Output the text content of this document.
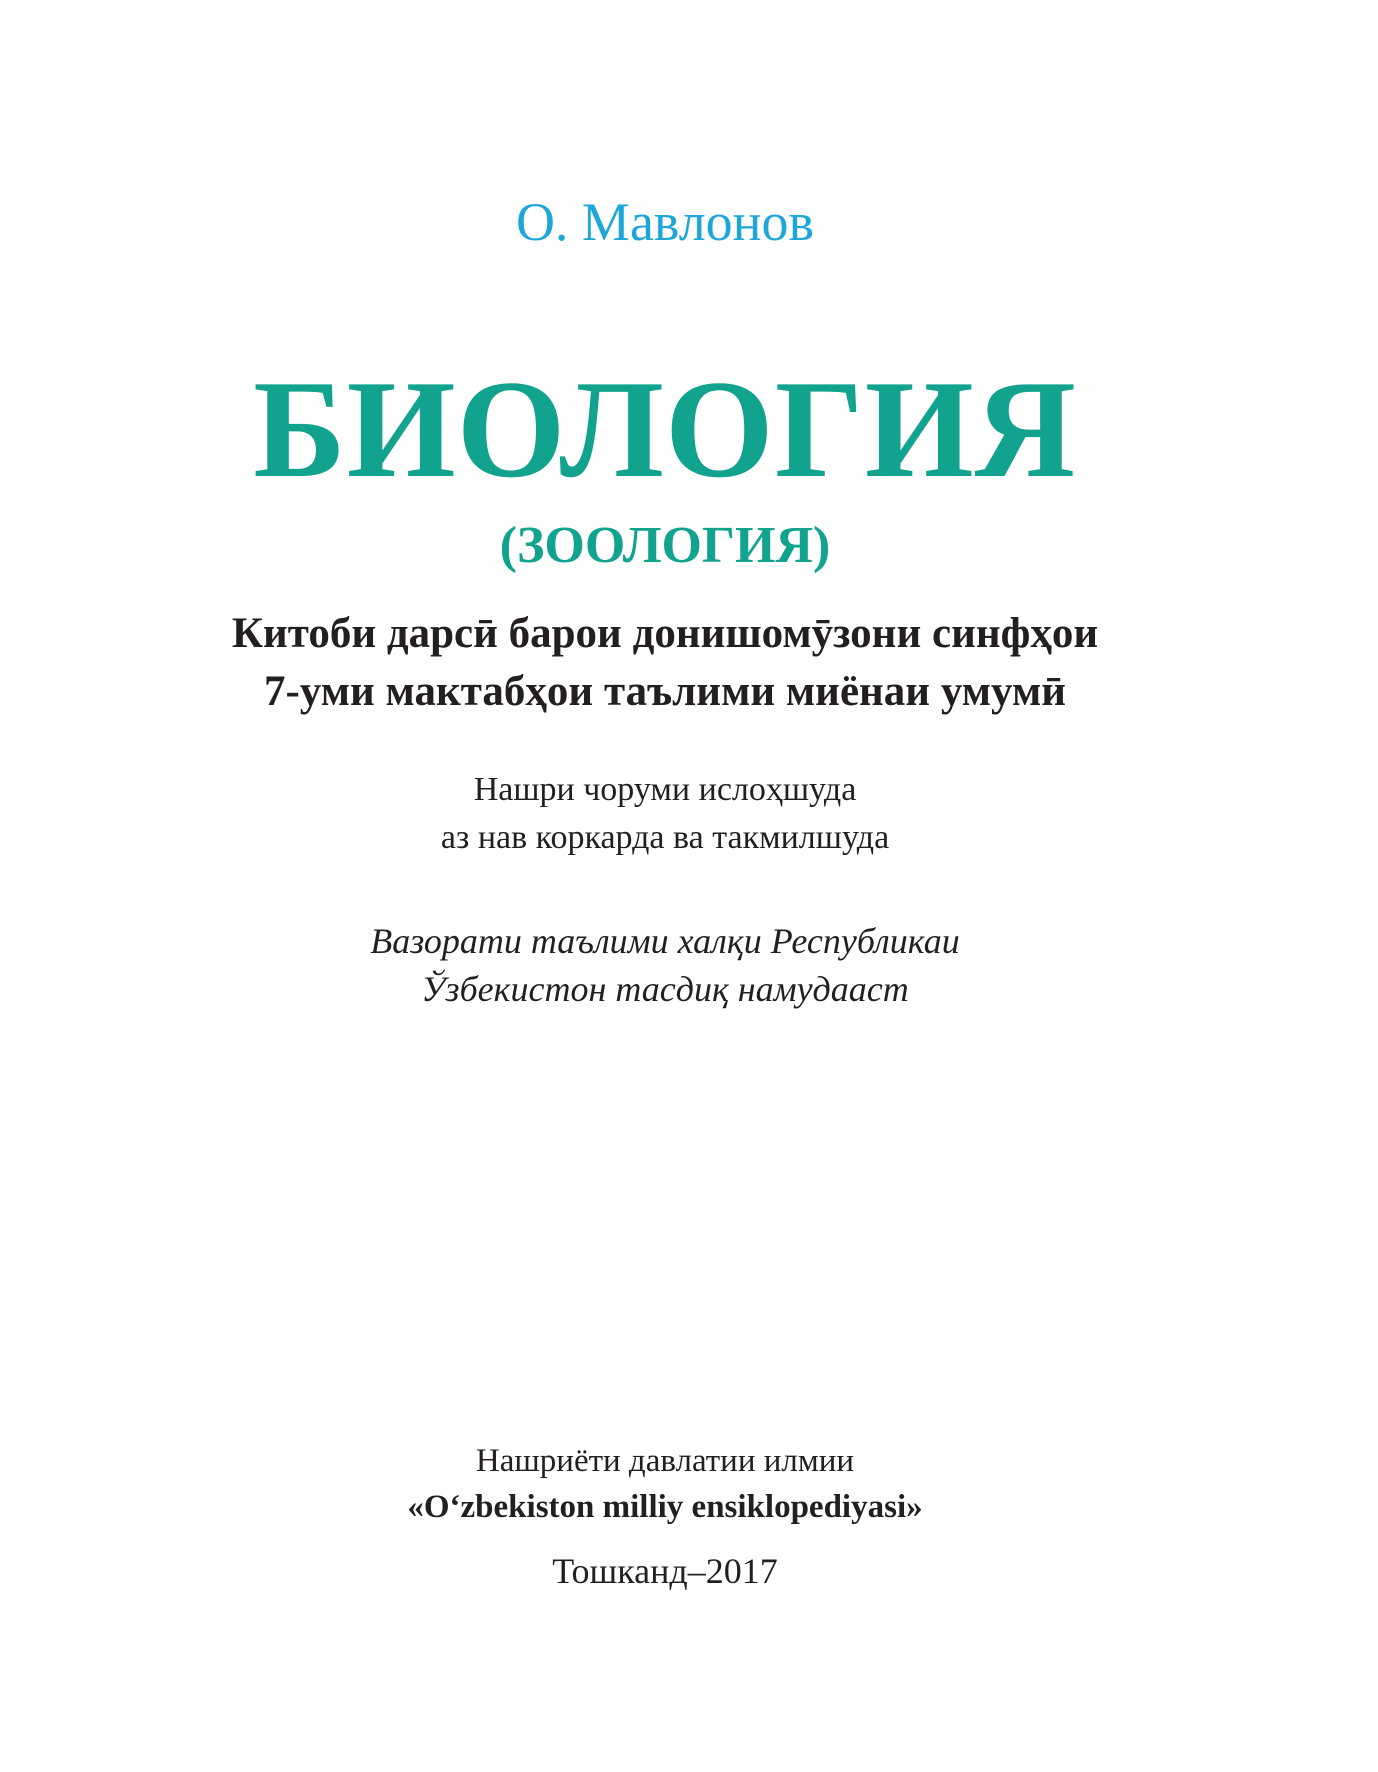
О. Мавлонов
БИОЛОГИЯ
(ЗООЛОГИЯ)
Китоби дарсӣ барои донишомӯзони синфҳои
7-уми мактабҳои таълими миёнаи умумӣ
Нашри чоруми ислоҳшуда
аз нав коркарда ва такмилшуда
Вазорати таълими халқи Республикаи
Ўзбекистон тасдиқ намудааст
Нашриёти давлатии илмии
«O‘zbekiston milliy ensiklopediyasi»
Тошканд–2017
